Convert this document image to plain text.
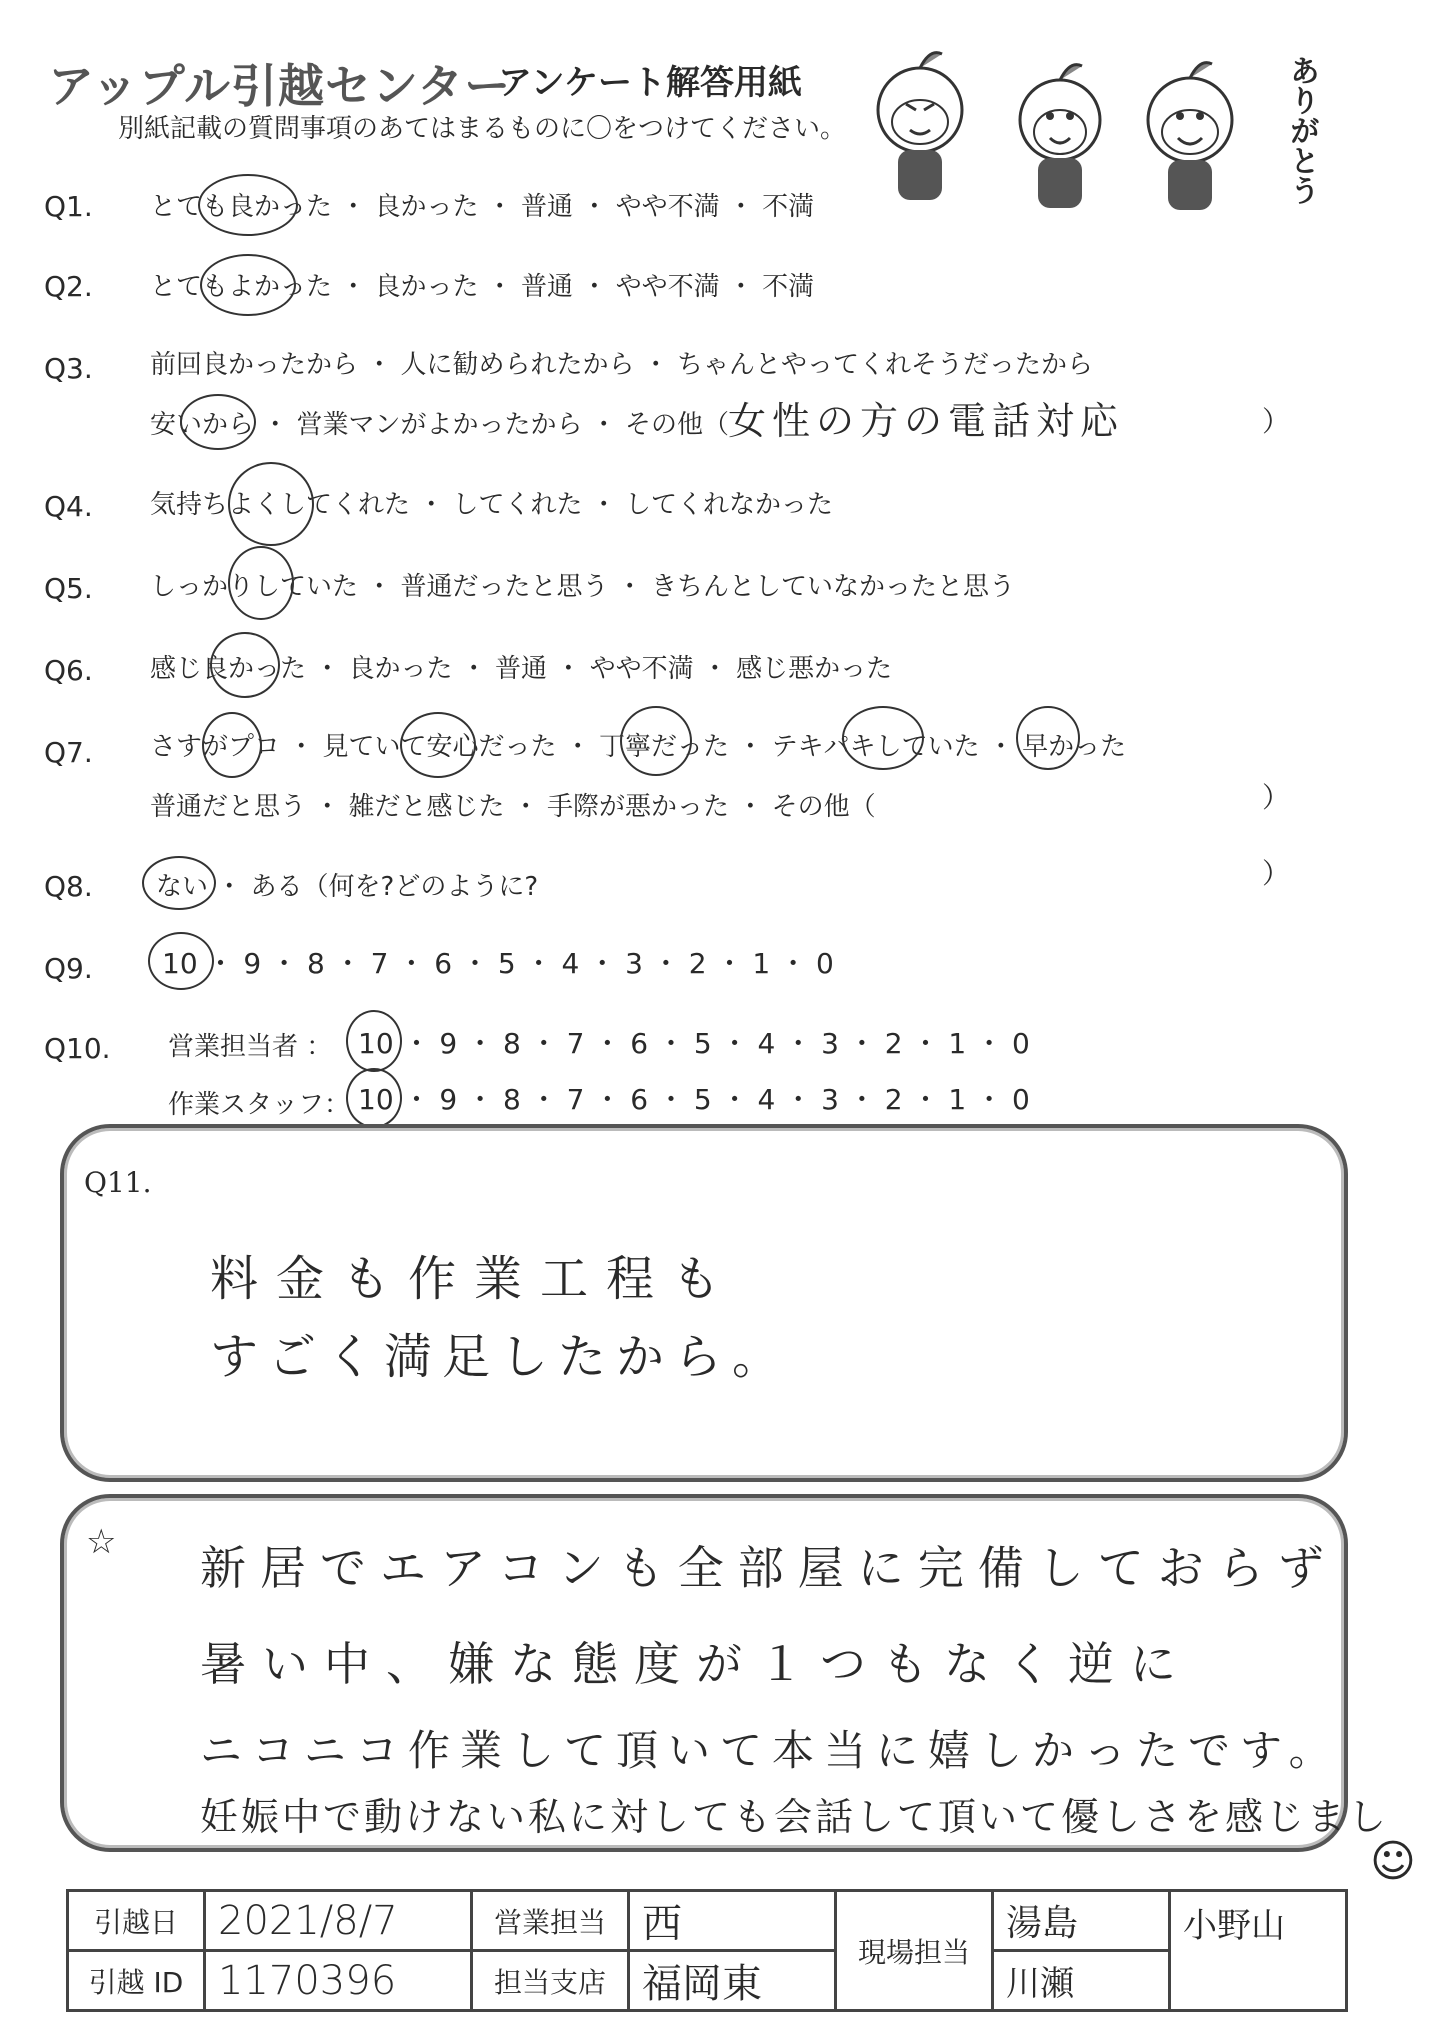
アップル引越センター
アンケート解答用紙
別紙記載の質問事項のあてはまるものに〇をつけてください。	ありがとう
Q1. とても良かった ・ 良かった ・ 普通 ・ やや不満 ・ 不満
Q2. とてもよかった ・ 良かった ・ 普通 ・ やや不満 ・ 不満
Q3. 前回良かったから ・ 人に勧められたから ・ ちゃんとやってくれそうだったから
安いから ・ 営業マンがよかったから ・ その他（
女性の方の電話対応	）
Q4. 気持ちよくしてくれた ・ してくれた ・ してくれなかった
Q5. しっかりしていた ・ 普通だったと思う ・ きちんとしていなかったと思う
Q6. 感じ良かった ・ 良かった ・ 普通 ・ やや不満 ・ 感じ悪かった
Q7. さすがプロ ・ 見ていて安心だった ・ 丁寧だった ・ テキパキしていた ・ 早かった
普通だと思う ・ 雑だと感じた ・ 手際が悪かった ・ その他（	）
Q8. ない ・ ある（何を?どのように?	）
Q9. 10 ・ 9 ・ 8 ・ 7 ・ 6 ・ 5 ・ 4 ・ 3 ・ 2 ・ 1 ・ 0
Q10. 営業担当者 ： 10 ・ 9 ・ 8 ・ 7 ・ 6 ・ 5 ・ 4 ・ 3 ・ 2 ・ 1 ・ 0
作業スタッフ： 10 ・ 9 ・ 8 ・ 7 ・ 6 ・ 5 ・ 4 ・ 3 ・ 2 ・ 1 ・ 0
Q11.
料金も作業工程も
すごく満足したから。
☆ 新居でエアコンも全部屋に完備しておらず
暑い中、嫌な態度が１つもなく逆に
ニコニコ作業して頂いて本当に嬉しかったです。
妊娠中で動けない私に対しても会話して頂いて優しさを感じまし
☺
引越日	2021/8/7	営業担当	西	現場担当	湯島	小野山
引越 ID	1170396	担当支店	福岡東		川瀬	
